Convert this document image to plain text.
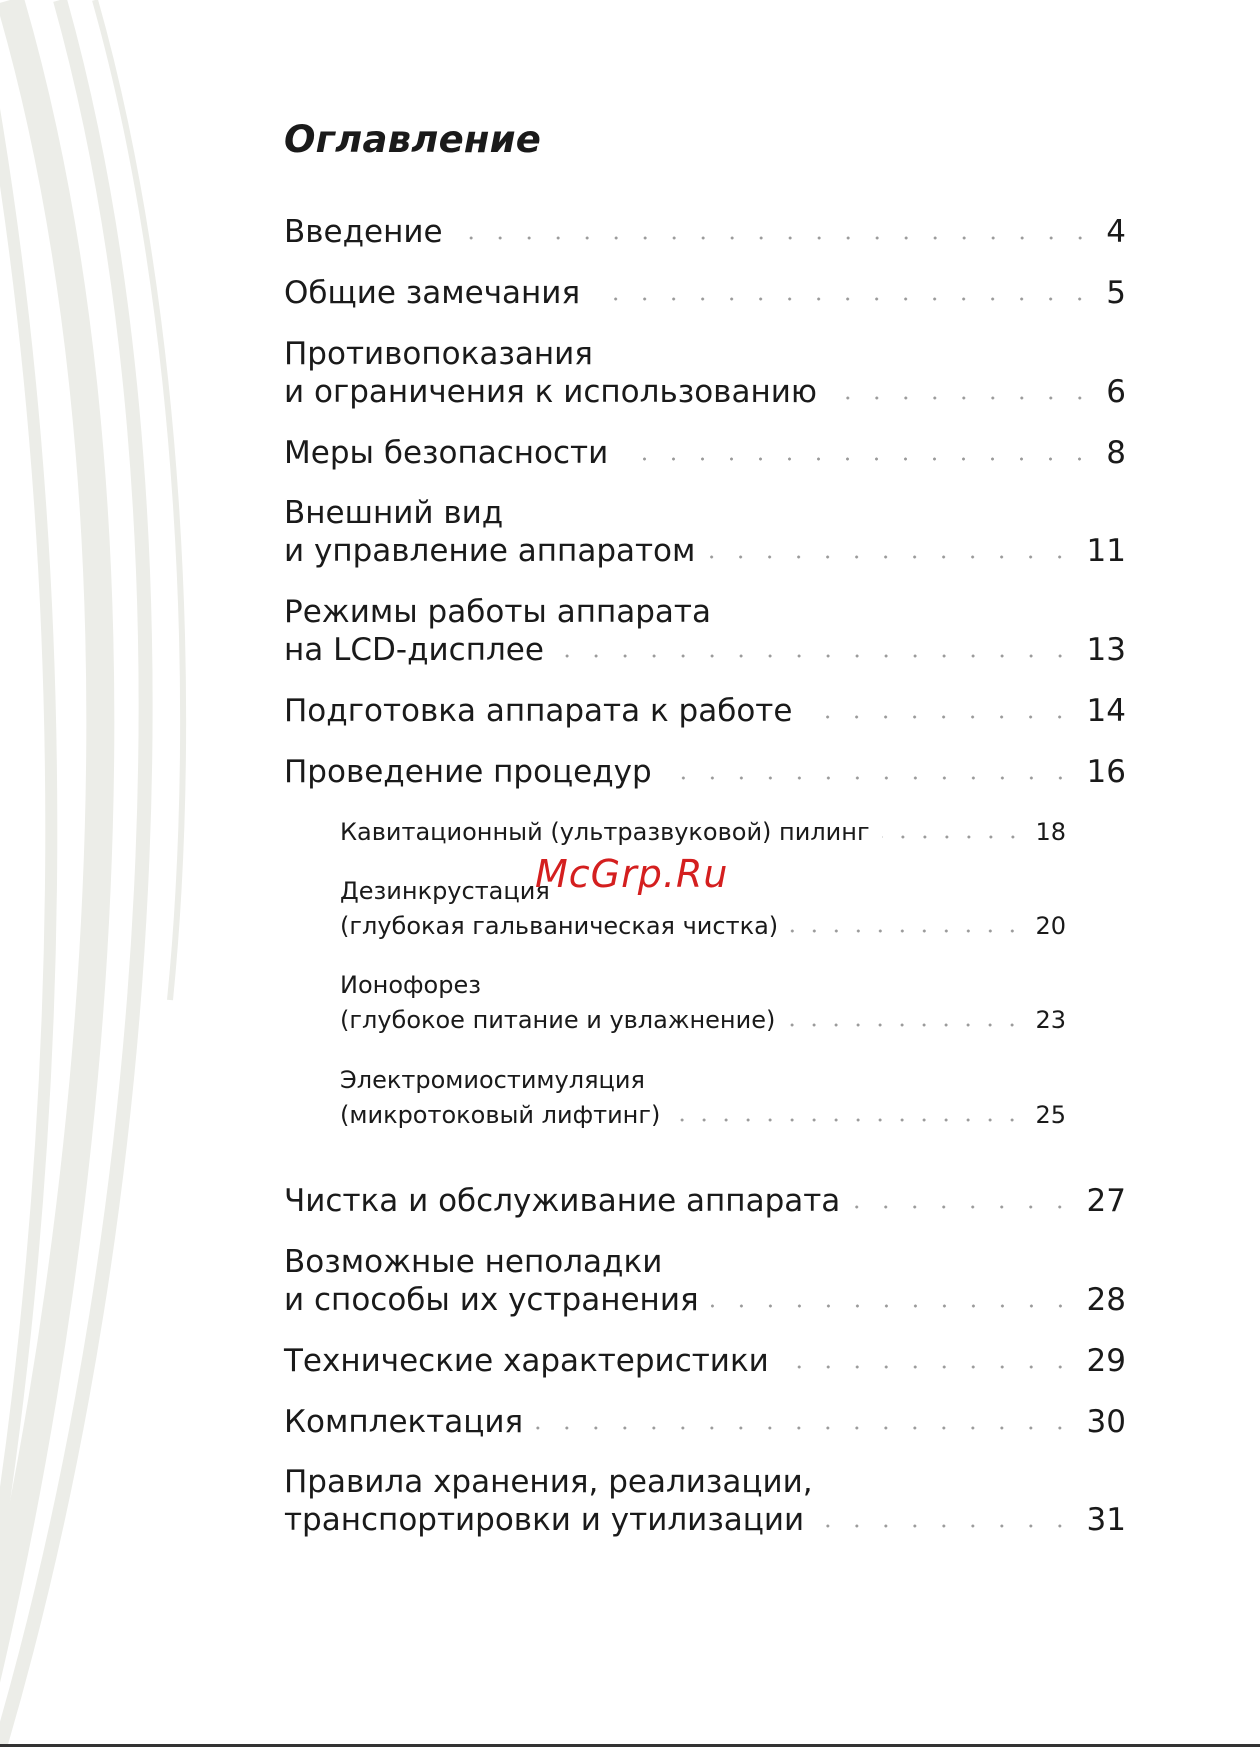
Оглавление
Введение	4
Общие замечания	5
Противопоказания
и ограничения к использованию	6
Меры безопасности	8
Внешний вид
и управление аппаратом	11
Режимы работы аппарата
на LCD-дисплее	13
Подготовка аппарата к работе	14
Проведение процедур	16
Кавитационный (ультразвуковой) пилинг	18
Дезинкрустация
(глубокая гальваническая чистка)	20
Ионофорез
(глубокое питание и увлажнение)	23
Электромиостимуляция
(микротоковый лифтинг)	25
Чистка и обслуживание аппарата	27
Возможные неполадки
и способы их устранения	28
Технические характеристики	29
Комплектация	30
Правила хранения, реализации,
транспортировки и утилизации	31
McGrp.Ru
